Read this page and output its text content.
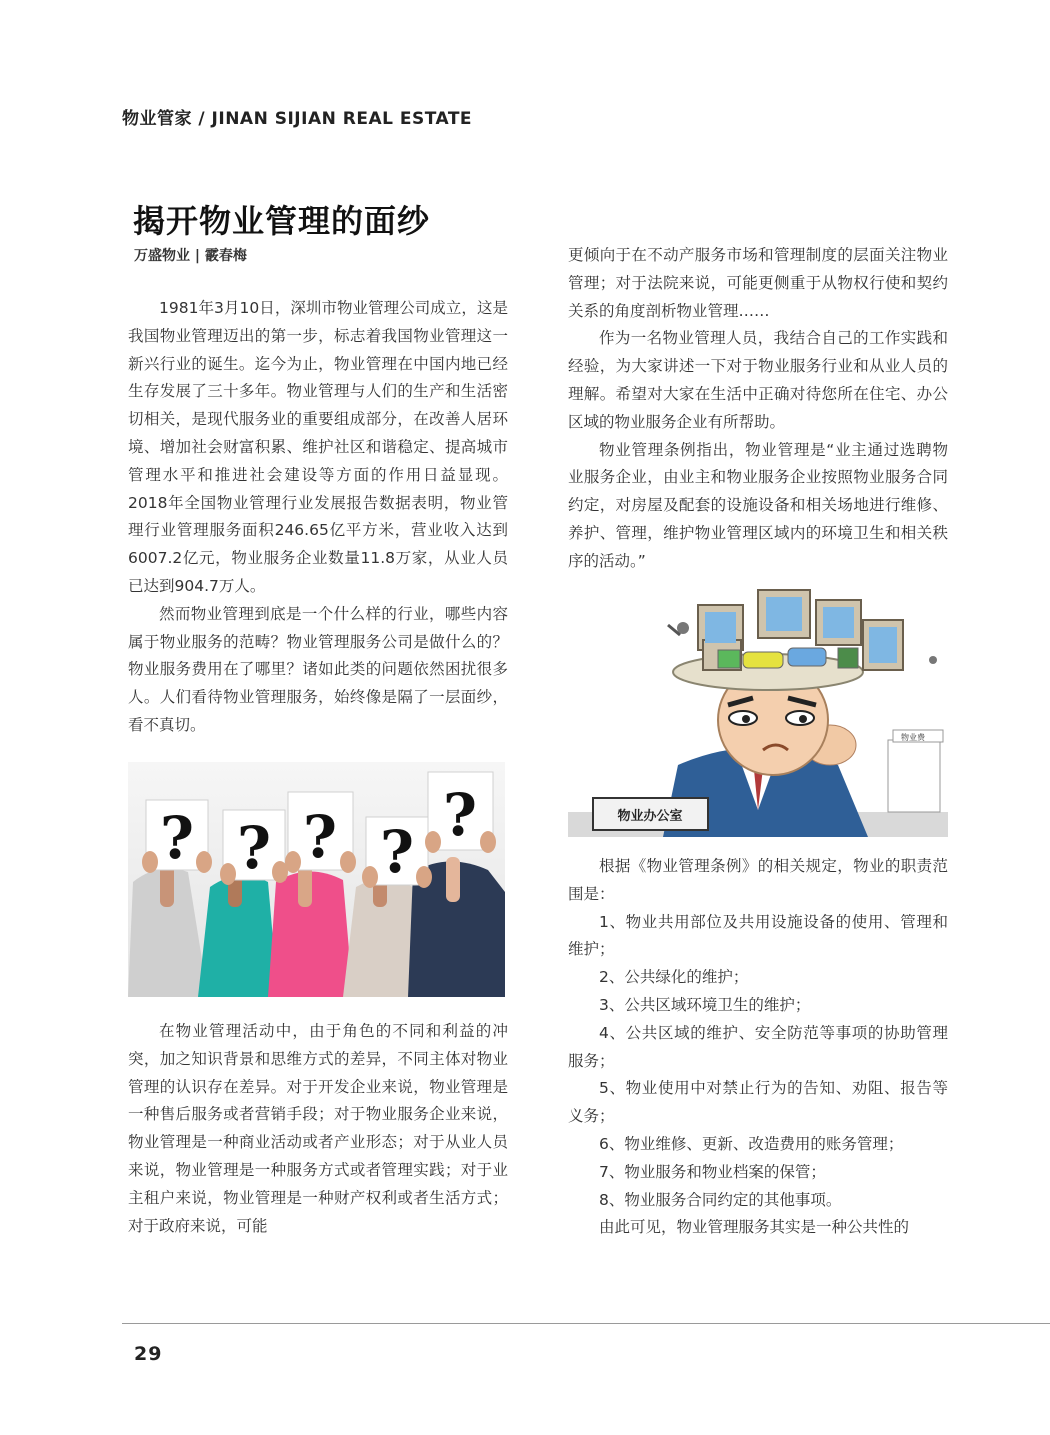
物业管家 / JINAN SIJIAN REAL ESTATE
揭开物业管理的面纱
万盛物业 | 霰春梅

1981年3月10日，深圳市物业管理公司成立，这是我国物业管理迈出的第一步，标志着我国物业管理这一新兴行业的诞生。迄今为止，物业管理在中国内地已经生存发展了三十多年。物业管理与人们的生产和生活密切相关，是现代服务业的重要组成部分，在改善人居环境、增加社会财富积累、维护社区和谐稳定、提高城市管理水平和推进社会建设等方面的作用日益显现。2018年全国物业管理行业发展报告数据表明，物业管理行业管理服务面积246.65亿平方米，营业收入达到6007.2亿元，物业服务企业数量11.8万家，从业人员已达到904.7万人。

然而物业管理到底是一个什么样的行业，哪些内容属于物业服务的范畴？物业管理服务公司是做什么的？物业服务费用在了哪里？诸如此类的问题依然困扰很多人。人们看待物业管理服务，始终像是隔了一层面纱，看不真切。

? ? ? ?
?

在物业管理活动中，由于角色的不同和利益的冲突，加之知识背景和思维方式的差异，不同主体对物业管理的认识存在差异。对于开发企业来说，物业管理是一种售后服务或者营销手段；对于物业服务企业来说，物业管理是一种商业活动或者产业形态；对于从业人员来说，物业管理是一种服务方式或者管理实践；对于业主租户来说，物业管理是一种财产权利或者生活方式；对于政府来说，可能

更倾向于在不动产服务市场和管理制度的层面关注物业管理；对于法院来说，可能更侧重于从物权行使和契约关系的角度剖析物业管理……

作为一名物业管理人员，我结合自己的工作实践和经验，为大家讲述一下对于物业服务行业和从业人员的理解。希望对大家在生活中正确对待您所在住宅、办公区域的物业服务企业有所帮助。

物业管理条例指出，物业管理是“业主通过选聘物业服务企业，由业主和物业服务企业按照物业服务合同约定，对房屋及配套的设施设备和相关场地进行维修、养护、管理，维护物业管理区域内的环境卫生和相关秩序的活动。”

物业费
物业办公室

根据《物业管理条例》的相关规定，物业的职责范围是：

1、物业共用部位及共用设施设备的使用、管理和维护；

2、公共绿化的维护；

3、公共区域环境卫生的维护；

4、公共区域的维护、安全防范等事项的协助管理服务；

5、物业使用中对禁止行为的告知、劝阻、报告等义务；

6、物业维修、更新、改造费用的账务管理；

7、物业服务和物业档案的保管；

8、物业服务合同约定的其他事项。

由此可见，物业管理服务其实是一种公共性的

29
